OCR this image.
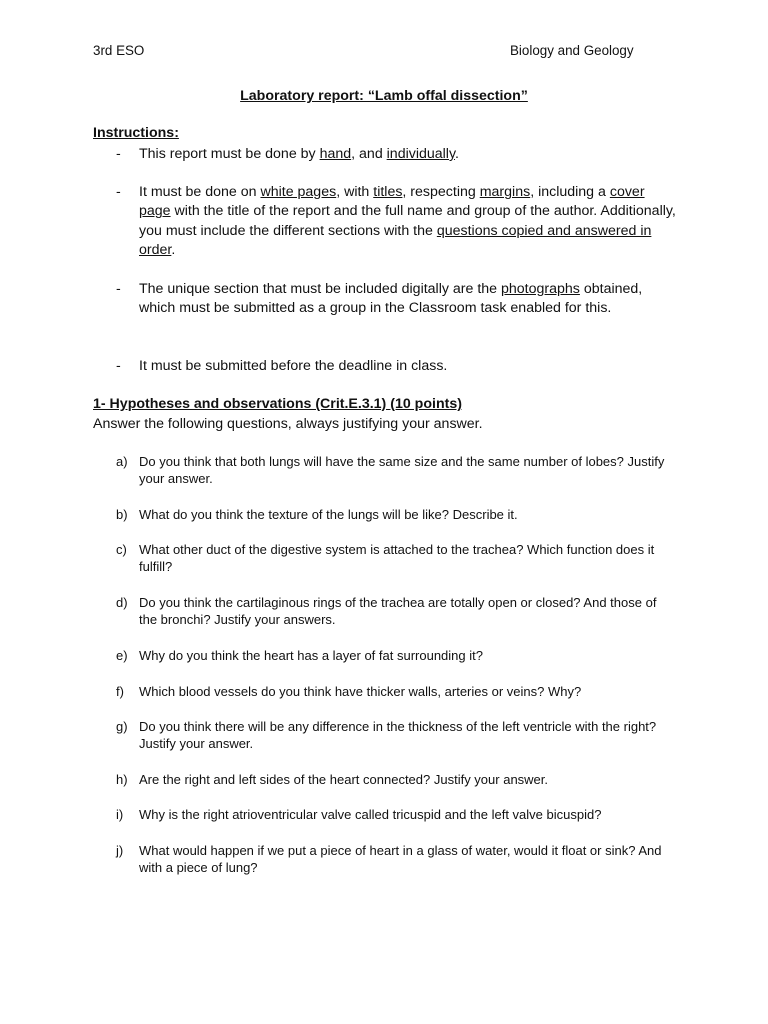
3rd ESO	Biology and Geology
Laboratory report: “Lamb offal dissection”
Instructions:
- This report must be done by hand, and individually.
- It must be done on white pages, with titles, respecting margins, including a cover page with the title of the report and the full name and group of the author. Additionally, you must include the different sections with the questions copied and answered in order.
- The unique section that must be included digitally are the photographs obtained, which must be submitted as a group in the Classroom task enabled for this.
- It must be submitted before the deadline in class.
1- Hypotheses and observations (Crit.E.3.1) (10 points)
Answer the following questions, always justifying your answer.
a) Do you think that both lungs will have the same size and the same number of lobes? Justify your answer.
b) What do you think the texture of the lungs will be like? Describe it.
c) What other duct of the digestive system is attached to the trachea? Which function does it fulfill?
d) Do you think the cartilaginous rings of the trachea are totally open or closed? And those of the bronchi? Justify your answers.
e) Why do you think the heart has a layer of fat surrounding it?
f) Which blood vessels do you think have thicker walls, arteries or veins? Why?
g) Do you think there will be any difference in the thickness of the left ventricle with the right? Justify your answer.
h) Are the right and left sides of the heart connected? Justify your answer.
i) Why is the right atrioventricular valve called tricuspid and the left valve bicuspid?
j) What would happen if we put a piece of heart in a glass of water, would it float or sink? And with a piece of lung?
